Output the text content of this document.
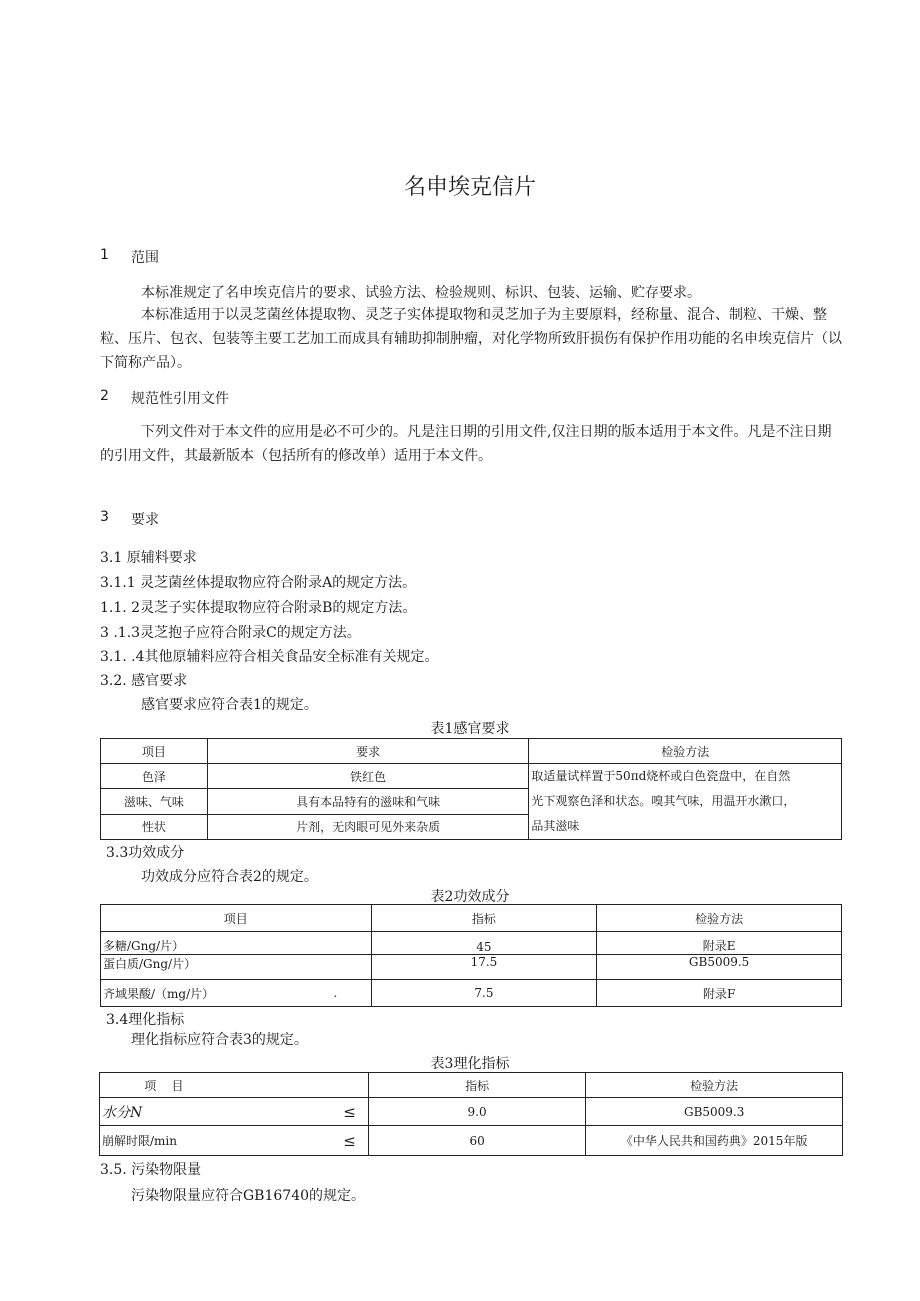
名申埃克信片
1 范围
本标准规定了名申埃克信片的要求、试验方法、检验规则、标识、包装、运输、贮存要求。
本标准适用于以灵芝菌丝体提取物、灵芝子实体提取物和灵芝加子为主要原料，经称量、混合、制粒、干燥、整粒、压片、包衣、包装等主要工艺加工而成具有辅助抑制肿瘤，对化学物所致肝损伤有保护作用功能的名申埃克信片（以下简称产品）。
2 规范性引用文件
下列文件对于本文件的应用是必不可少的。凡是注日期的引用文件,仅注日期的版本适用于本文件。凡是不注日期的引用文件，其最新版本（包括所有的修改单）适用于本文件。
3 要求
3.1 原辅料要求
3.1.1 灵芝菌丝体提取物应符合附录A的规定方法。
1.1. 2灵芝子实体提取物应符合附录B的规定方法。
3 .1.3灵芝抱子应符合附录C的规定方法。
3.1. .4其他原辅料应符合相关食品安全标准有关规定。
3.2. 感官要求
感官要求应符合表1的规定。
表1感官要求
项目	要求	检验方法
色泽	铁红色	取适量试样置于50πd烧杯或白色瓷盘中，在自然
光下观察色泽和状态。嗅其气味，用温开水漱口，
品其滋味

滋味、气味	具有本品特有的滋味和气味	
性状	片剂，无肉眼可见外来杂质	
3.3功效成分
功效成分应符合表2的规定。
表2功效成分
项目		指标	检验方法
多糖/Gng/片）		45	附录E
蛋白质/Gng/片）		17.5	GB5009.5
齐域果酸/（mg/片）	.	7.5	附录F
3.4理化指标
理化指标应符合表3的规定。
表3理化指标
项    目		指标	检验方法
水分N	≤	9.0	GB5009.3
崩解时限/min	≤	60	《中华人民共和国药典》2015年版
3.5. 污染物限量
污染物限量应符合GB16740的规定。
